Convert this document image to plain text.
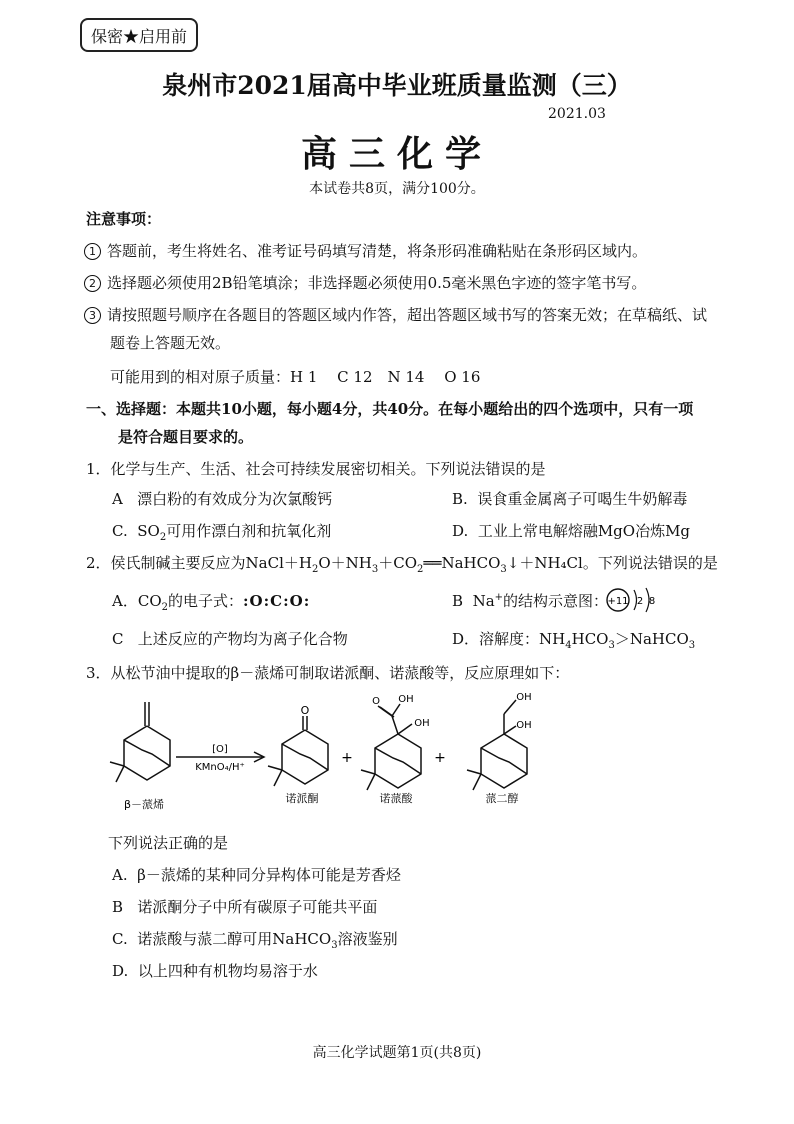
保密★启用前
泉州市2021届高中毕业班质量监测（三）
2021.03
高三化学
本试卷共8页，满分100分。
注意事项：
1 答题前，考生将姓名、准考证号码填写清楚，将条形码准确粘贴在条形码区域内。
2 选择题必须使用2B铅笔填涂；非选择题必须使用0.5毫米黑色字迹的签字笔书写。
3 请按照题号顺序在各题目的答题区域内作答，超出答题区域书写的答案无效；在草稿纸、试
题卷上答题无效。
可能用到的相对原子质量：H 1　 C 12　N 14　 O 16
一、选择题：本题共10小题，每小题4分，共40分。在每小题给出的四个选项中，只有一项
是符合题目要求的。
1．化学与生产、生活、社会可持续发展密切相关。下列说法错误的是
A 漂白粉的有效成分为次氯酸钙	B. 误食重金属离子可喝生牛奶解毒
C. $SO_2$可用作漂白剂和抗氧化剂	D. 工业上常电解熔融MgO冶炼Mg
2．侯氏制碱主要反应为$NaCl+H_2O+NH_3+CO_2══NaHCO_3↓+NH_4Cl$。下列说法错误的是
A．$CO_2$的电子式：:O:C:O:	B Na+的结构示意图： +11 2 8
C 上述反应的产物均为离子化合物	D．溶解度：$NH_4HCO_3>NaHCO_3$
3．从松节油中提取的β－蒎烯可制取诺派酮、诺蒎酸等，反应原理如下：
[O]
KMnO₄/H⁺
O
O OH
OH
OH
OH
+	+
β－蒎烯	诺派酮	诺蒎酸	蒎二醇
下列说法正确的是
A. β－蒎烯的某种同分异构体可能是芳香烃
B 诺派酮分子中所有碳原子可能共平面
C. 诺蒎酸与蒎二醇可用NaHCO$_3$溶液鉴别
D. 以上四种有机物均易溶于水
高三化学试题第1页(共8页)
